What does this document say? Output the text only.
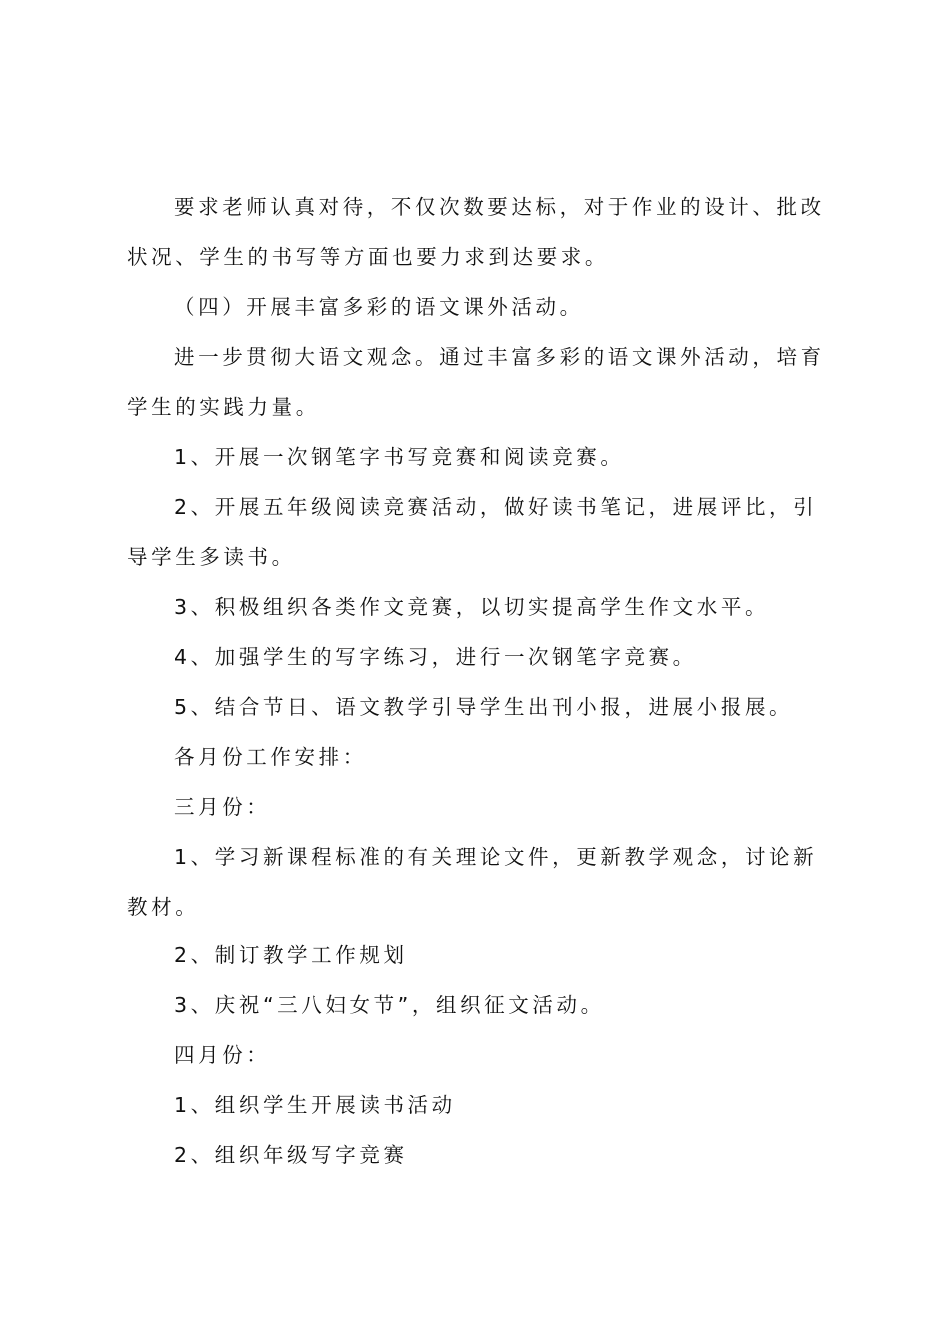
要求老师认真对待，不仅次数要达标，对于作业的设计、批改状况、学生的书写等方面也要力求到达要求。

（四）开展丰富多彩的语文课外活动。

进一步贯彻大语文观念。通过丰富多彩的语文课外活动，培育学生的实践力量。

1、开展一次钢笔字书写竞赛和阅读竞赛。

2、开展五年级阅读竞赛活动，做好读书笔记，进展评比，引导学生多读书。

3、积极组织各类作文竞赛，以切实提高学生作文水平。

4、加强学生的写字练习，进行一次钢笔字竞赛。

5、结合节日、语文教学引导学生出刊小报，进展小报展。

各月份工作安排：

三月份：

1、学习新课程标准的有关理论文件，更新教学观念，讨论新教材。

2、制订教学工作规划

3、庆祝“三八妇女节”，组织征文活动。

四月份：

1、组织学生开展读书活动

2、组织年级写字竞赛
